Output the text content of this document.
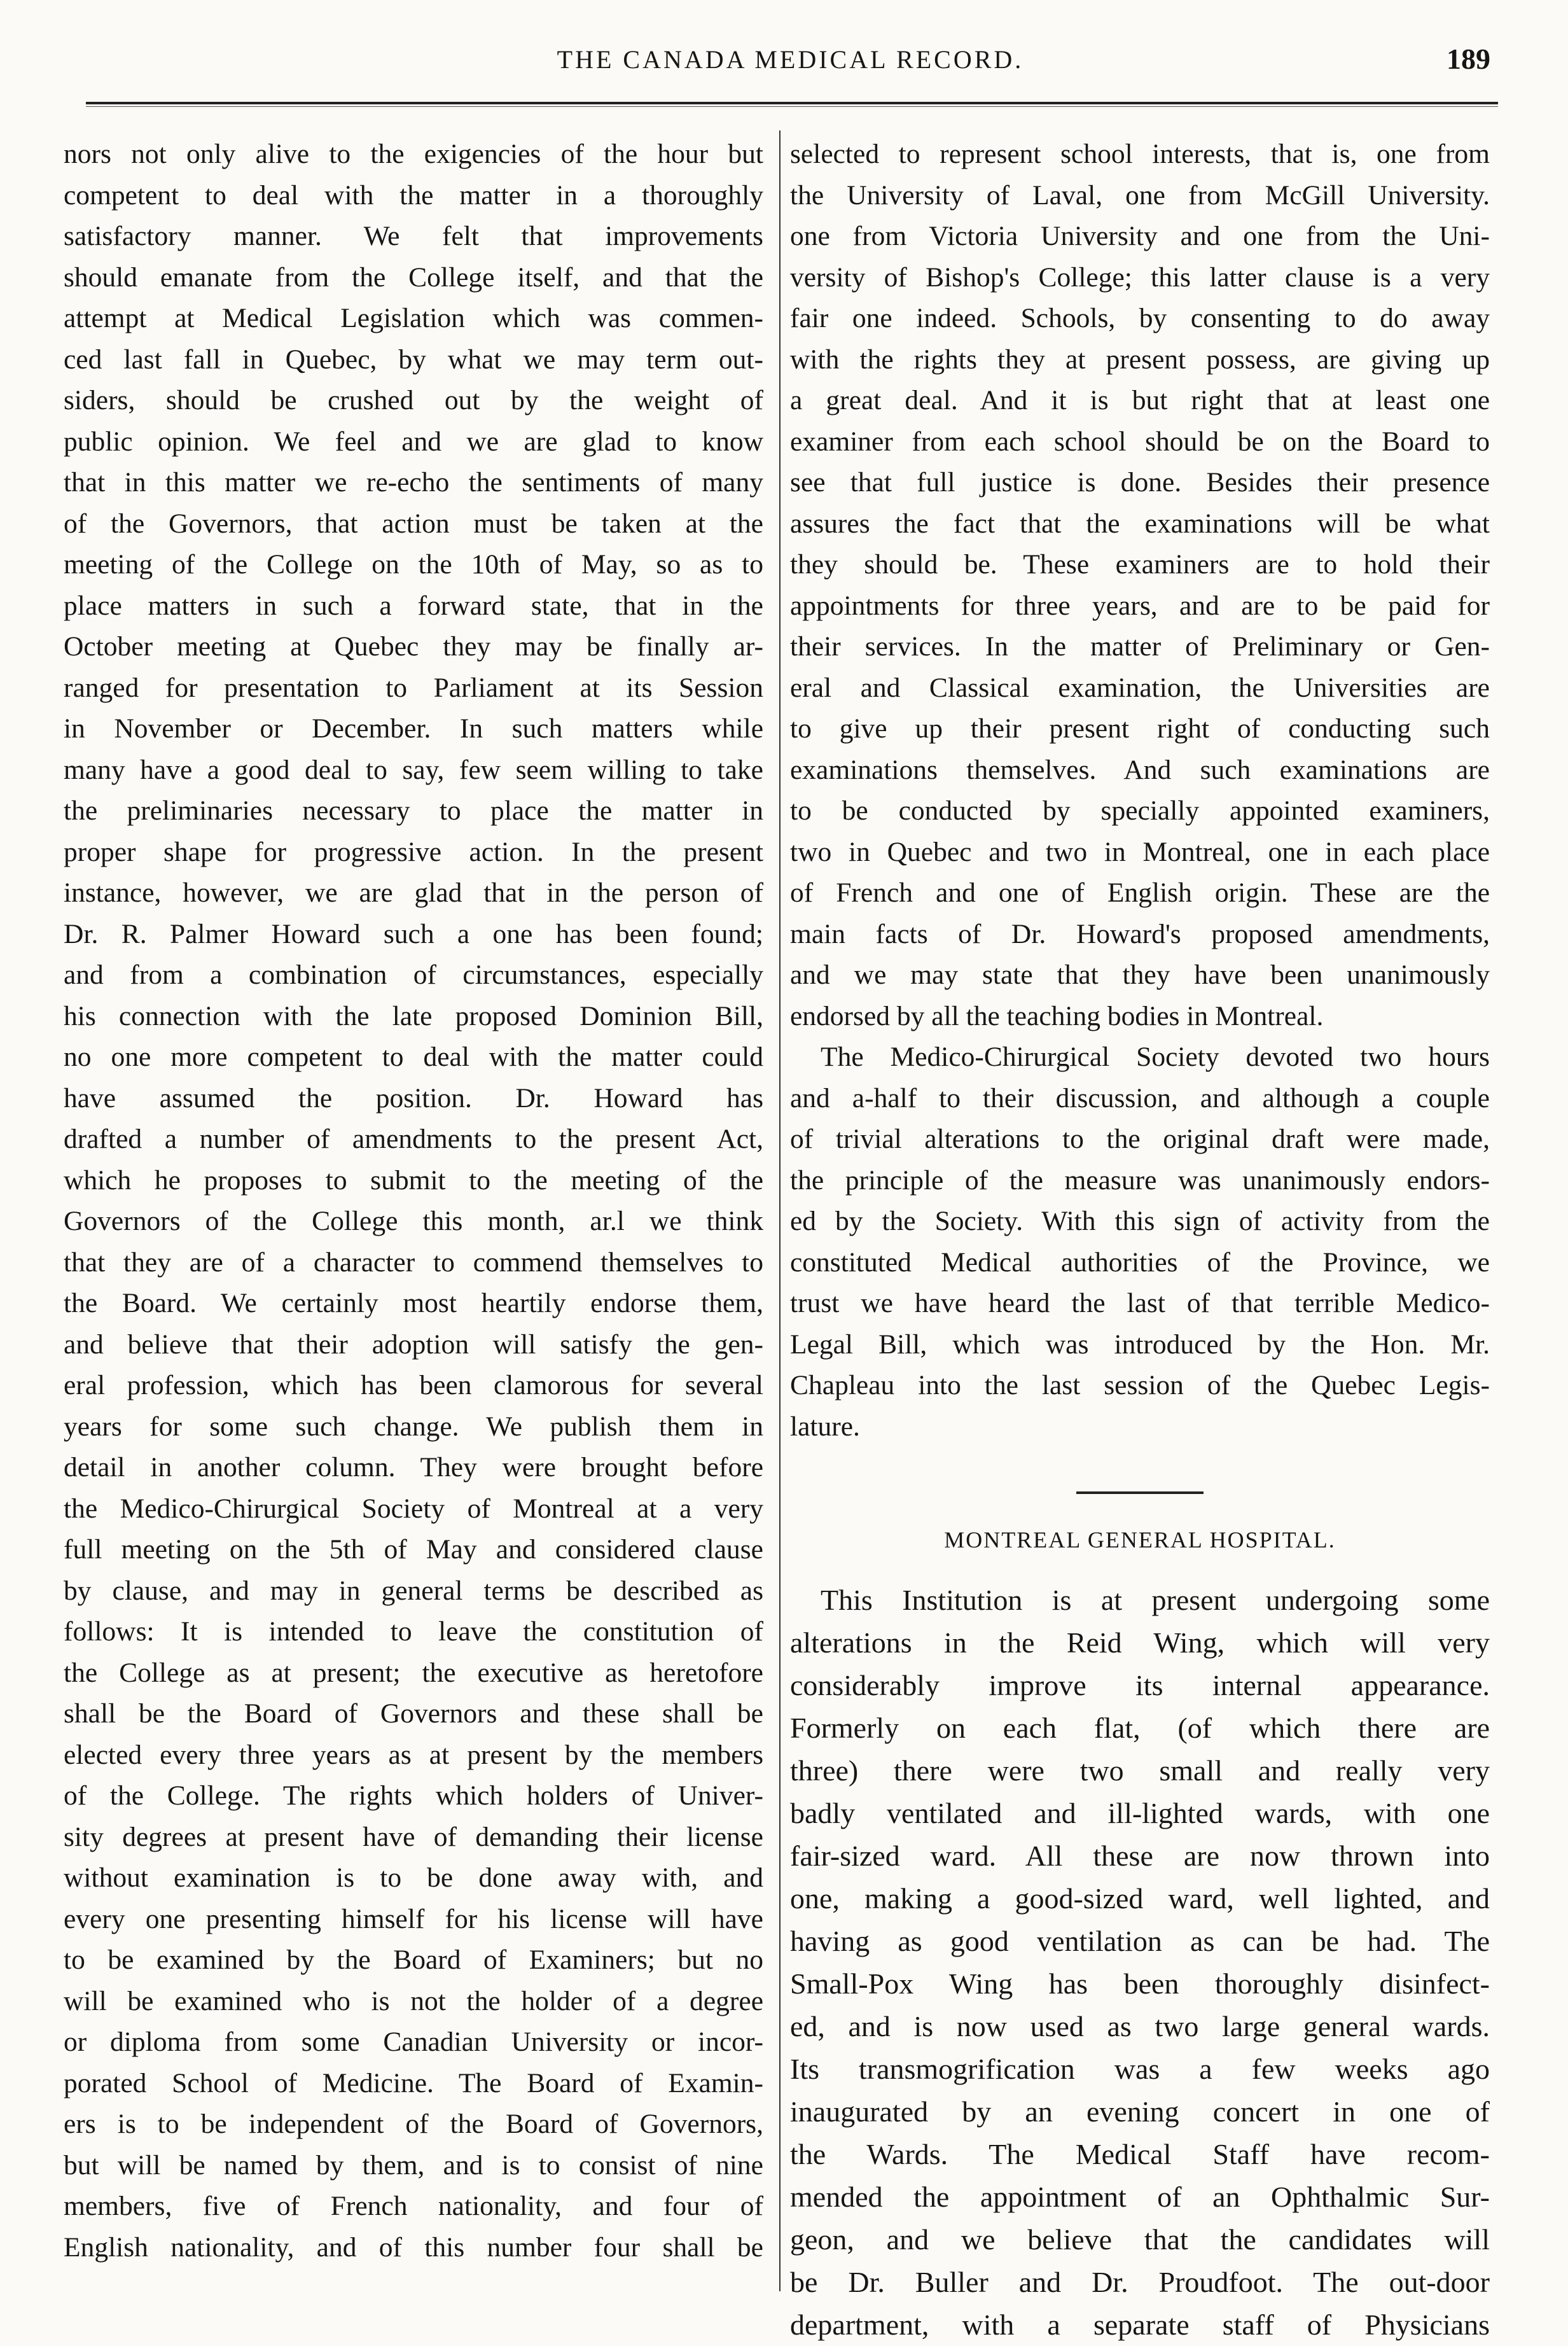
THE CANADA MEDICAL RECORD.	189
nors not only alive to the exigencies of the hour but
competent to deal with the matter in a thoroughly
satisfactory manner. We felt that improvements
should emanate from the College itself, and that the
attempt at Medical Legislation which was commen-
ced last fall in Quebec, by what we may term out-
siders, should be crushed out by the weight of
public opinion. We feel and we are glad to know
that in this matter we re-echo the sentiments of many
of the Governors, that action must be taken at the
meeting of the College on the 10th of May, so as to
place matters in such a forward state, that in the
October meeting at Quebec they may be finally ar-
ranged for presentation to Parliament at its Session
in November or December. In such matters while
many have a good deal to say, few seem willing to take
the preliminaries necessary to place the matter in
proper shape for progressive action. In the present
instance, however, we are glad that in the person of
Dr. R. Palmer Howard such a one has been found;
and from a combination of circumstances, especially
his connection with the late proposed Dominion Bill,
no one more competent to deal with the matter could
have assumed the position. Dr. Howard has
drafted a number of amendments to the present Act,
which he proposes to submit to the meeting of the
Governors of the College this month, ar.l we think
that they are of a character to commend themselves to
the Board. We certainly most heartily endorse them,
and believe that their adoption will satisfy the gen-
eral profession, which has been clamorous for several
years for some such change. We publish them in
detail in another column. They were brought before
the Medico-Chirurgical Society of Montreal at a very
full meeting on the 5th of May and considered clause
by clause, and may in general terms be described as
follows: It is intended to leave the constitution of
the College as at present; the executive as heretofore
shall be the Board of Governors and these shall be
elected every three years as at present by the members
of the College. The rights which holders of Univer-
sity degrees at present have of demanding their license
without examination is to be done away with, and
every one presenting himself for his license will have
to be examined by the Board of Examiners; but no
will be examined who is not the holder of a degree
or diploma from some Canadian University or incor-
porated School of Medicine. The Board of Examin-
ers is to be independent of the Board of Governors,
but will be named by them, and is to consist of nine
members, five of French nationality, and four of
English nationality, and of this number four shall be
selected to represent school interests, that is, one from
the University of Laval, one from McGill University.
one from Victoria University and one from the Uni-
versity of Bishop's College; this latter clause is a very
fair one indeed. Schools, by consenting to do away
with the rights they at present possess, are giving up
a great deal. And it is but right that at least one
examiner from each school should be on the Board to
see that full justice is done. Besides their presence
assures the fact that the examinations will be what
they should be. These examiners are to hold their
appointments for three years, and are to be paid for
their services. In the matter of Preliminary or Gen-
eral and Classical examination, the Universities are
to give up their present right of conducting such
examinations themselves. And such examinations are
to be conducted by specially appointed examiners,
two in Quebec and two in Montreal, one in each place
of French and one of English origin. These are the
main facts of Dr. Howard's proposed amendments,
and we may state that they have been unanimously
endorsed by all the teaching bodies in Montreal.
The Medico-Chirurgical Society devoted two hours
and a-half to their discussion, and although a couple
of trivial alterations to the original draft were made,
the principle of the measure was unanimously endors-
ed by the Society. With this sign of activity from the
constituted Medical authorities of the Province, we
trust we have heard the last of that terrible Medico-
Legal Bill, which was introduced by the Hon. Mr.
Chapleau into the last session of the Quebec Legis-
lature.
MONTREAL GENERAL HOSPITAL.
This Institution is at present undergoing some
alterations in the Reid Wing, which will very
considerably improve its internal appearance.
Formerly on each flat, (of which there are
three) there were two small and really very
badly ventilated and ill-lighted wards, with one
fair-sized ward. All these are now thrown into
one, making a good-sized ward, well lighted, and
having as good ventilation as can be had. The
Small-Pox Wing has been thoroughly disinfect-
ed, and is now used as two large general wards.
Its transmogrification was a few weeks ago
inaugurated by an evening concert in one of
the Wards. The Medical Staff have recom-
mended the appointment of an Ophthalmic Sur-
geon, and we believe that the candidates will
be Dr. Buller and Dr. Proudfoot. The out-door
department, with a separate staff of Physicians
